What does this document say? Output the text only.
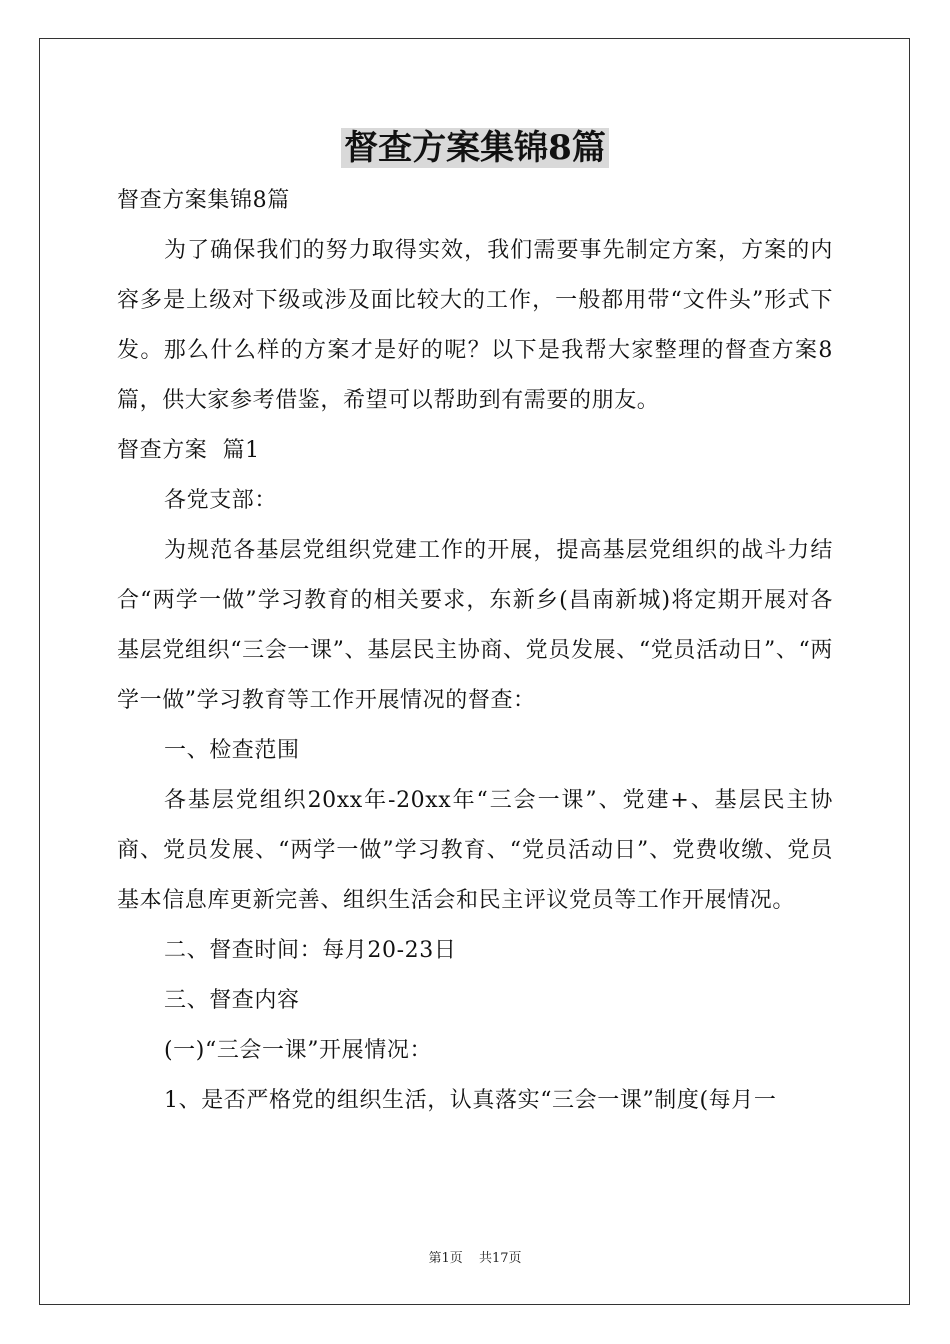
督查方案集锦8篇

督查方案集锦8篇

为了确保我们的努力取得实效，我们需要事先制定方案，方案的内容多是上级对下级或涉及面比较大的工作，一般都用带“文件头”形式下发。那么什么样的方案才是好的呢？以下是我帮大家整理的督查方案8篇，供大家参考借鉴，希望可以帮助到有需要的朋友。

督查方案  篇1

各党支部：

为规范各基层党组织党建工作的开展，提高基层党组织的战斗力结合“两学一做”学习教育的相关要求，东新乡(昌南新城)将定期开展对各基层党组织“三会一课”、基层民主协商、党员发展、“党员活动日”、“两学一做”学习教育等工作开展情况的督查：

一、检查范围

各基层党组织20xx年-20xx年“三会一课”、党建+、基层民主协商、党员发展、“两学一做”学习教育、“党员活动日”、党费收缴、党员基本信息库更新完善、组织生活会和民主评议党员等工作开展情况。

二、督查时间：每月20-23日

三、督查内容

(一)“三会一课”开展情况：

1、是否严格党的组织生活，认真落实“三会一课”制度(每月一

第1页 共17页
